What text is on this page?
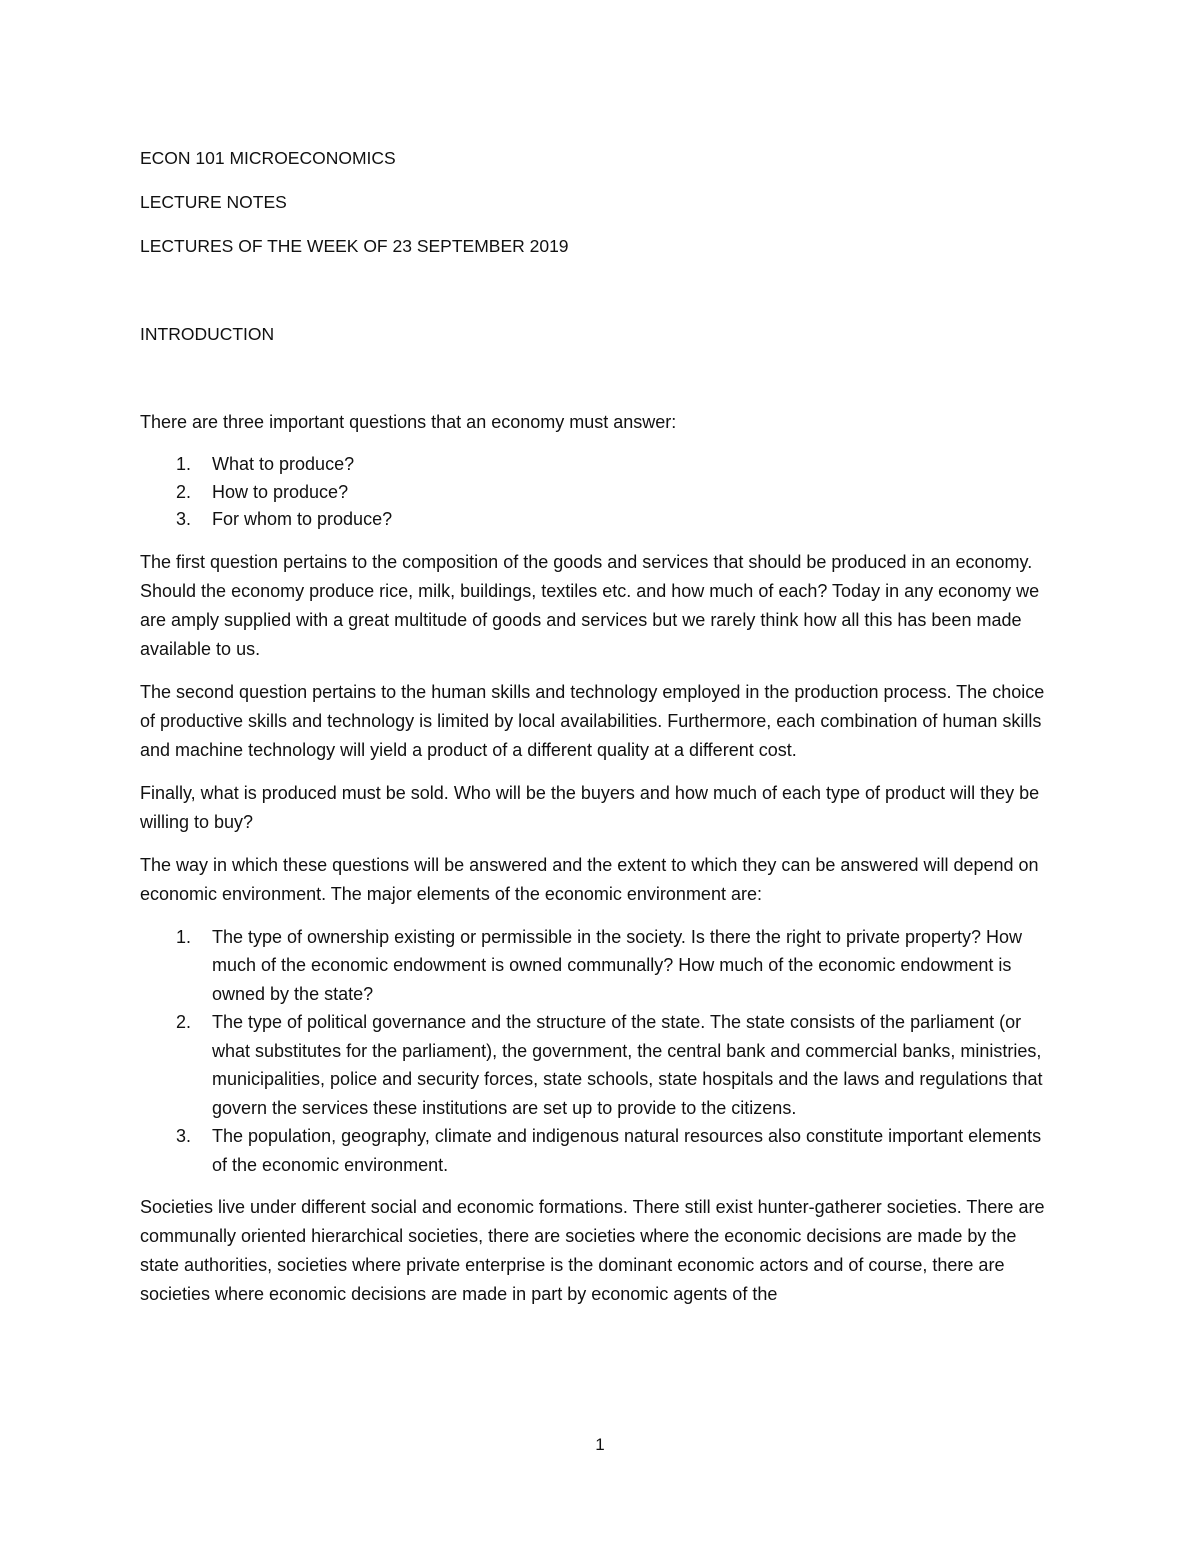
ECON 101 MICROECONOMICS

LECTURE NOTES

LECTURES OF THE WEEK OF 23 SEPTEMBER 2019

INTRODUCTION

There are three important questions that an economy must answer:

1. What to produce?
2. How to produce?
3. For whom to produce?

The first question pertains to the composition of the goods and services that should be produced in an economy. Should the economy produce rice, milk, buildings, textiles etc. and how much of each? Today in any economy we are amply supplied with a great multitude of goods and services but we rarely think how all this has been made available to us.

The second question pertains to the human skills and technology employed in the production process. The choice of productive skills and technology is limited by local availabilities. Furthermore, each combination of human skills and machine technology will yield a product of a different quality at a different cost.

Finally, what is produced must be sold. Who will be the buyers and how much of each type of product will they be willing to buy?

The way in which these questions will be answered and the extent to which they can be answered will depend on economic environment. The major elements of the economic environment are:

1. The type of ownership existing or permissible in the society. Is there the right to private property? How much of the economic endowment is owned communally? How much of the economic endowment is owned by the state?
2. The type of political governance and the structure of the state. The state consists of the parliament (or what substitutes for the parliament), the government, the central bank and commercial banks, ministries, municipalities, police and security forces, state schools, state hospitals and the laws and regulations that govern the services these institutions are set up to provide to the citizens.
3. The population, geography, climate and indigenous natural resources also constitute important elements of the economic environment.

Societies live under different social and economic formations. There still exist hunter-gatherer societies. There are communally oriented hierarchical societies, there are societies where the economic decisions are made by the state authorities, societies where private enterprise is the dominant economic actors and of course, there are societies where economic decisions are made in part by economic agents of the

1
